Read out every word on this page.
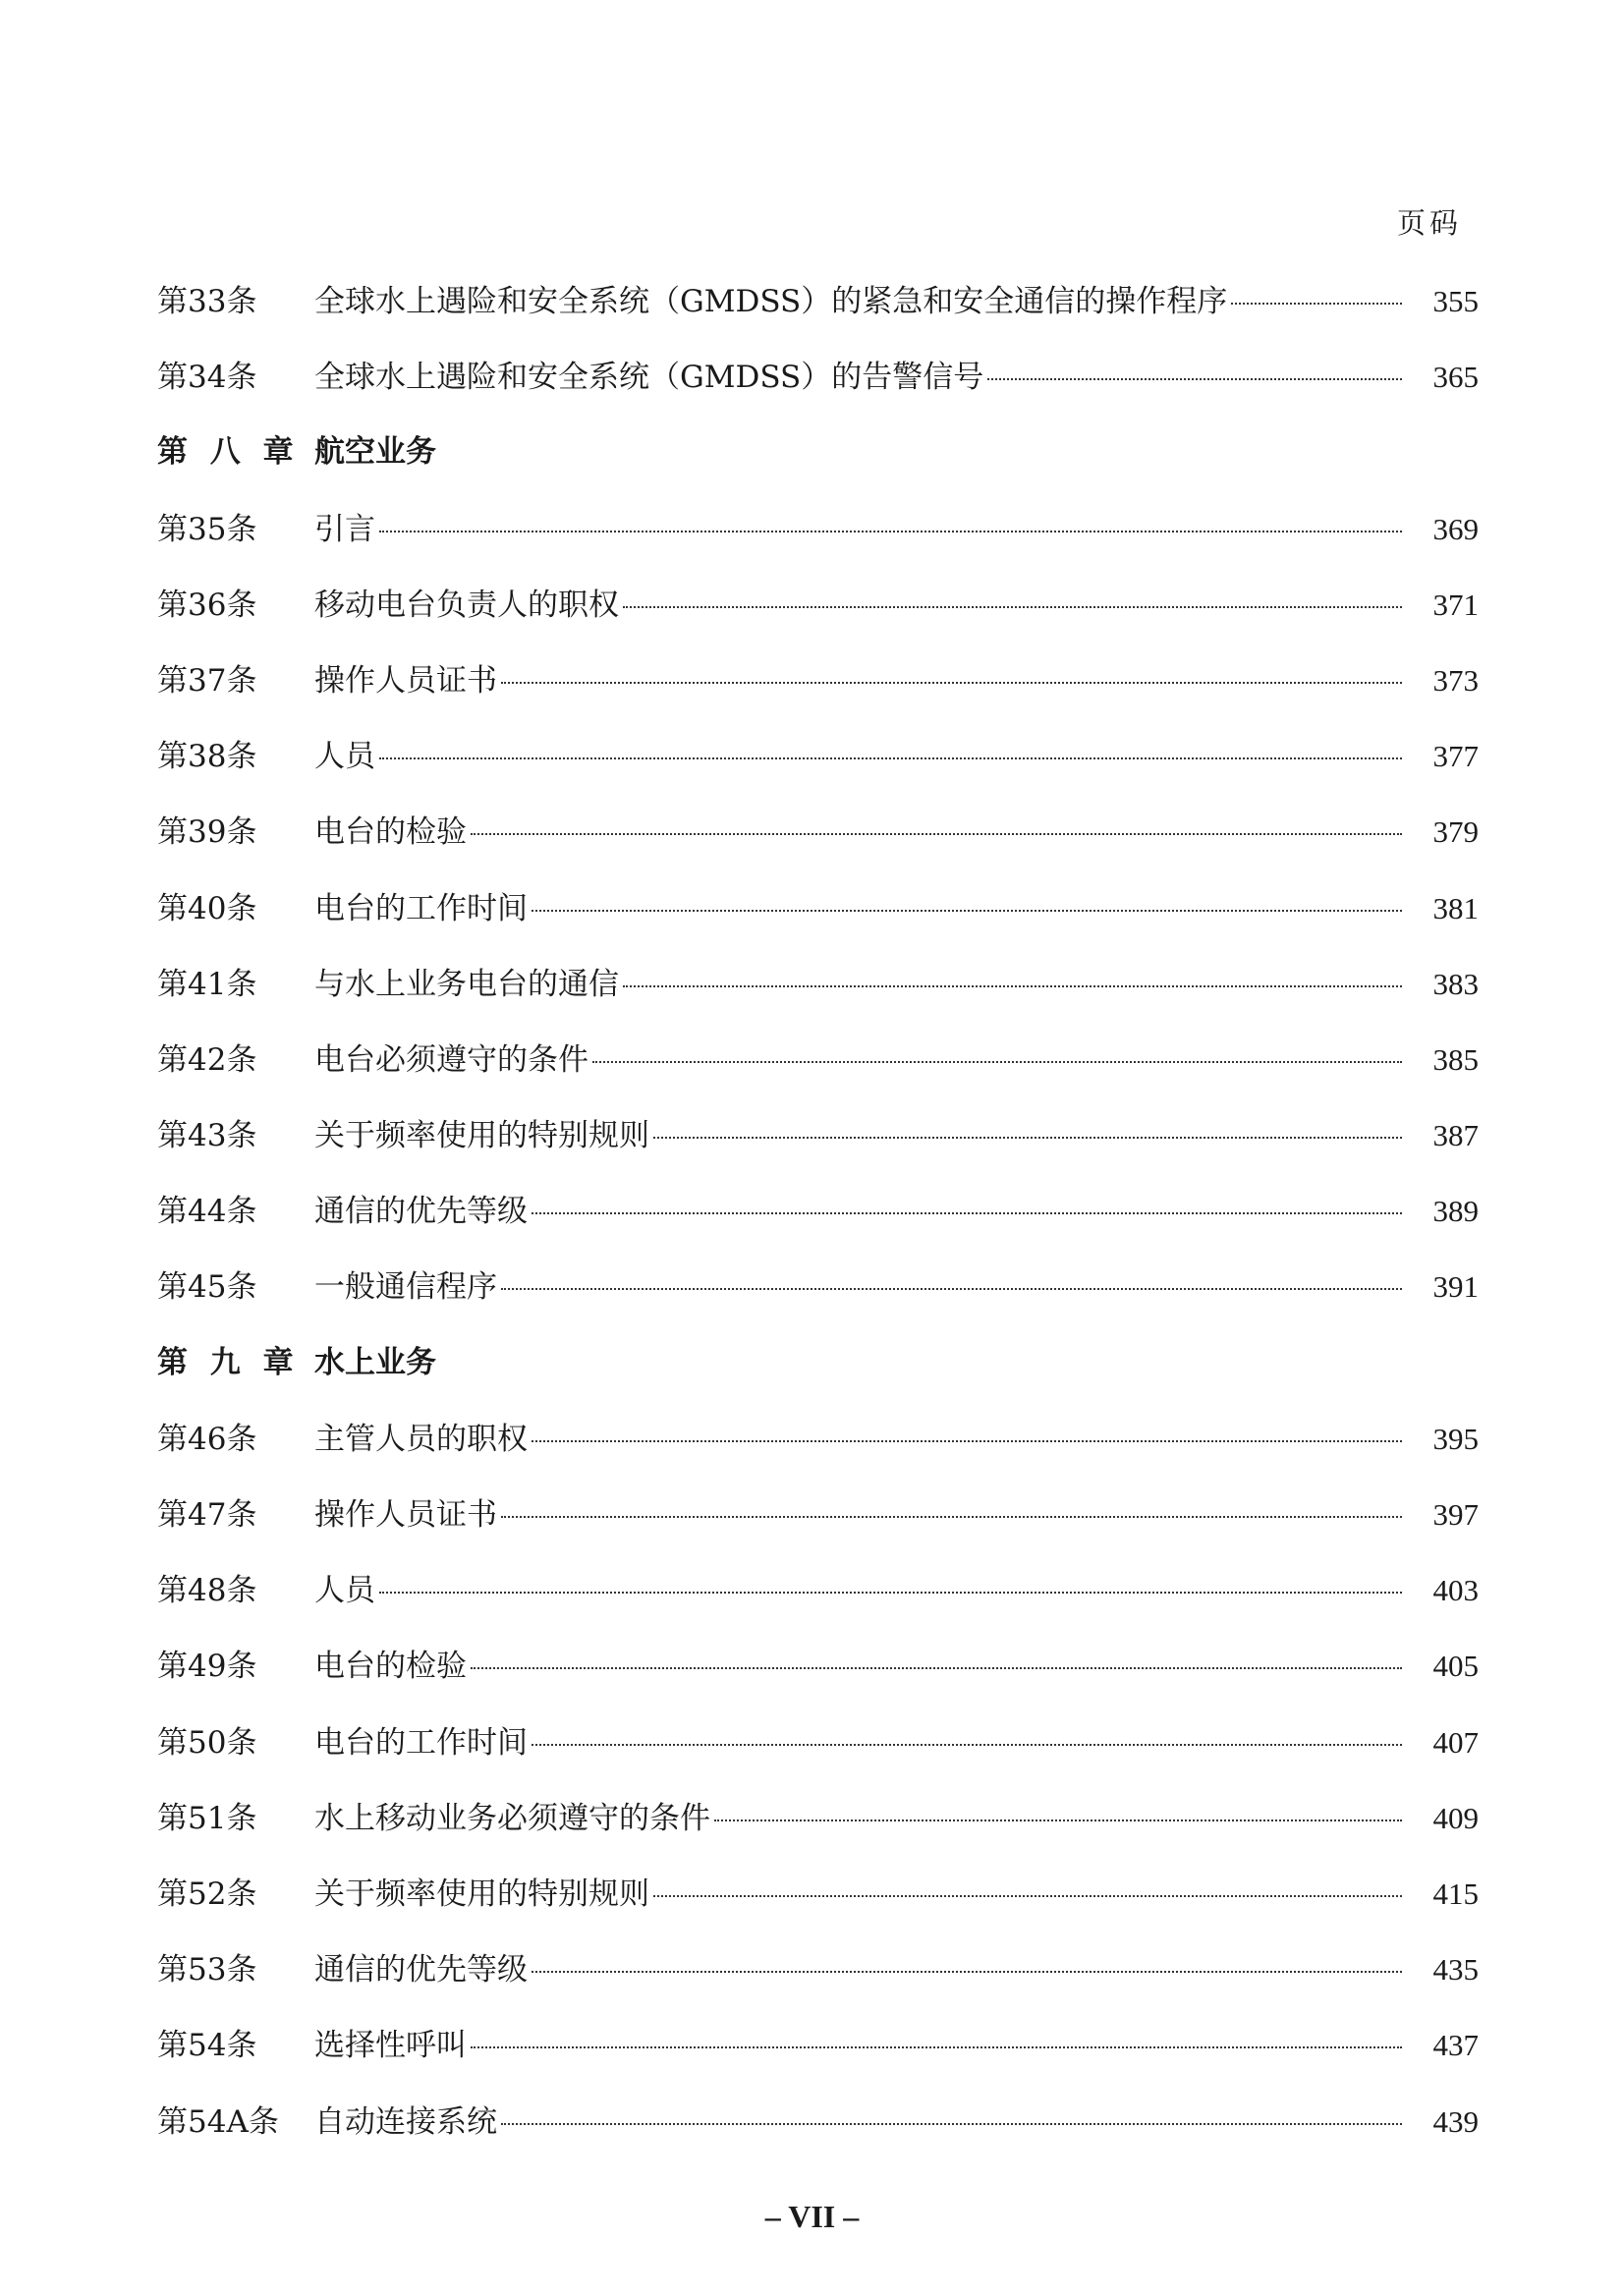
页码
第33条	全球水上遇险和安全系统（GMDSS）的紧急和安全通信的操作程序	355
第34条	全球水上遇险和安全系统（GMDSS）的告警信号	365
第 八 章 航空业务
第35条	引言	369
第36条	移动电台负责人的职权	371
第37条	操作人员证书	373
第38条	人员	377
第39条	电台的检验	379
第40条	电台的工作时间	381
第41条	与水上业务电台的通信	383
第42条	电台必须遵守的条件	385
第43条	关于频率使用的特别规则	387
第44条	通信的优先等级	389
第45条	一般通信程序	391
第 九 章 水上业务
第46条	主管人员的职权	395
第47条	操作人员证书	397
第48条	人员	403
第49条	电台的检验	405
第50条	电台的工作时间	407
第51条	水上移动业务必须遵守的条件	409
第52条	关于频率使用的特别规则	415
第53条	通信的优先等级	435
第54条	选择性呼叫	437
第54A条	自动连接系统	439
– VII –
